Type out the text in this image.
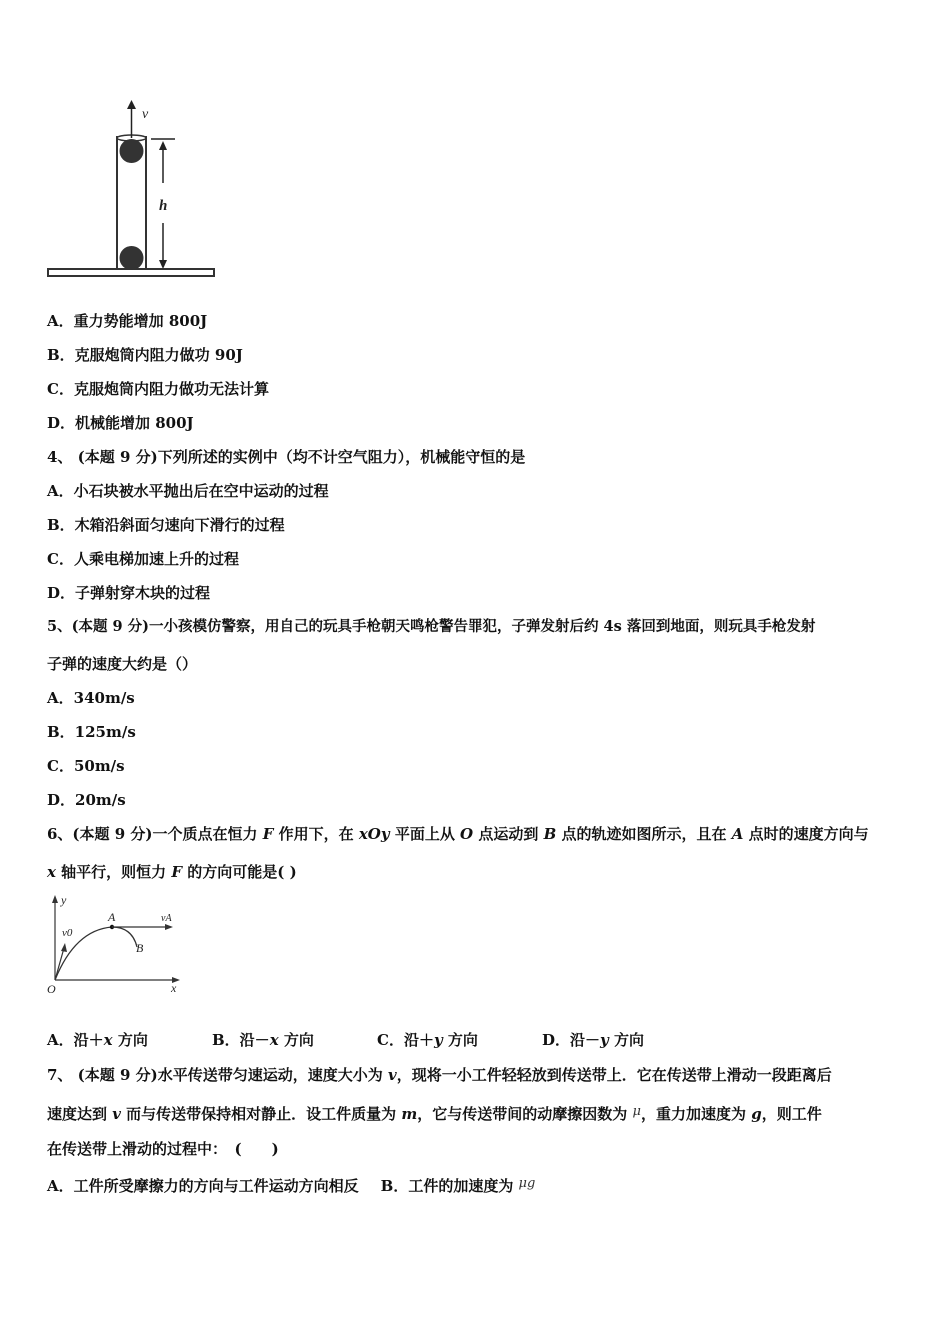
v
h
A．重力势能增加 800J
B．克服炮筒内阻力做功 90J
C．克服炮筒内阻力做功无法计算
D．机械能增加 800J
4、 (本题 9 分)下列所述的实例中（均不计空气阻力），机械能守恒的是
A．小石块被水平抛出后在空中运动的过程
B．木箱沿斜面匀速向下滑行的过程
C．人乘电梯加速上升的过程
D．子弹射穿木块的过程
5、(本题 9 分)一小孩模仿警察，用自己的玩具手枪朝天鸣枪警告罪犯，子弹发射后约 4s 落回到地面，则玩具手枪发射
子弹的速度大约是（）
A．340m/s
B．125m/s
C．50m/s
D．20m/s
6、(本题 9 分)一个质点在恒力 F 作用下，在 xOy 平面上从 O 点运动到 B 点的轨迹如图所示，且在 A 点时的速度方向与
x 轴平行，则恒力 F 的方向可能是( )
y
x
O
v0
A	vA
B
A．沿＋x 方向	B．沿－x 方向	C．沿＋y 方向	D．沿－y 方向
7、 (本题 9 分)水平传送带匀速运动，速度大小为 v，现将一小工件轻轻放到传送带上．它在传送带上滑动一段距离后
速度达到 v 而与传送带保持相对静止．设工件质量为 m，它与传送带间的动摩擦因数为 μ，重力加速度为 g，则工件
在传送带上滑动的过程中：　(　　)
A．工件所受摩擦力的方向与工件运动方向相反 B．工件的加速度为 μg
